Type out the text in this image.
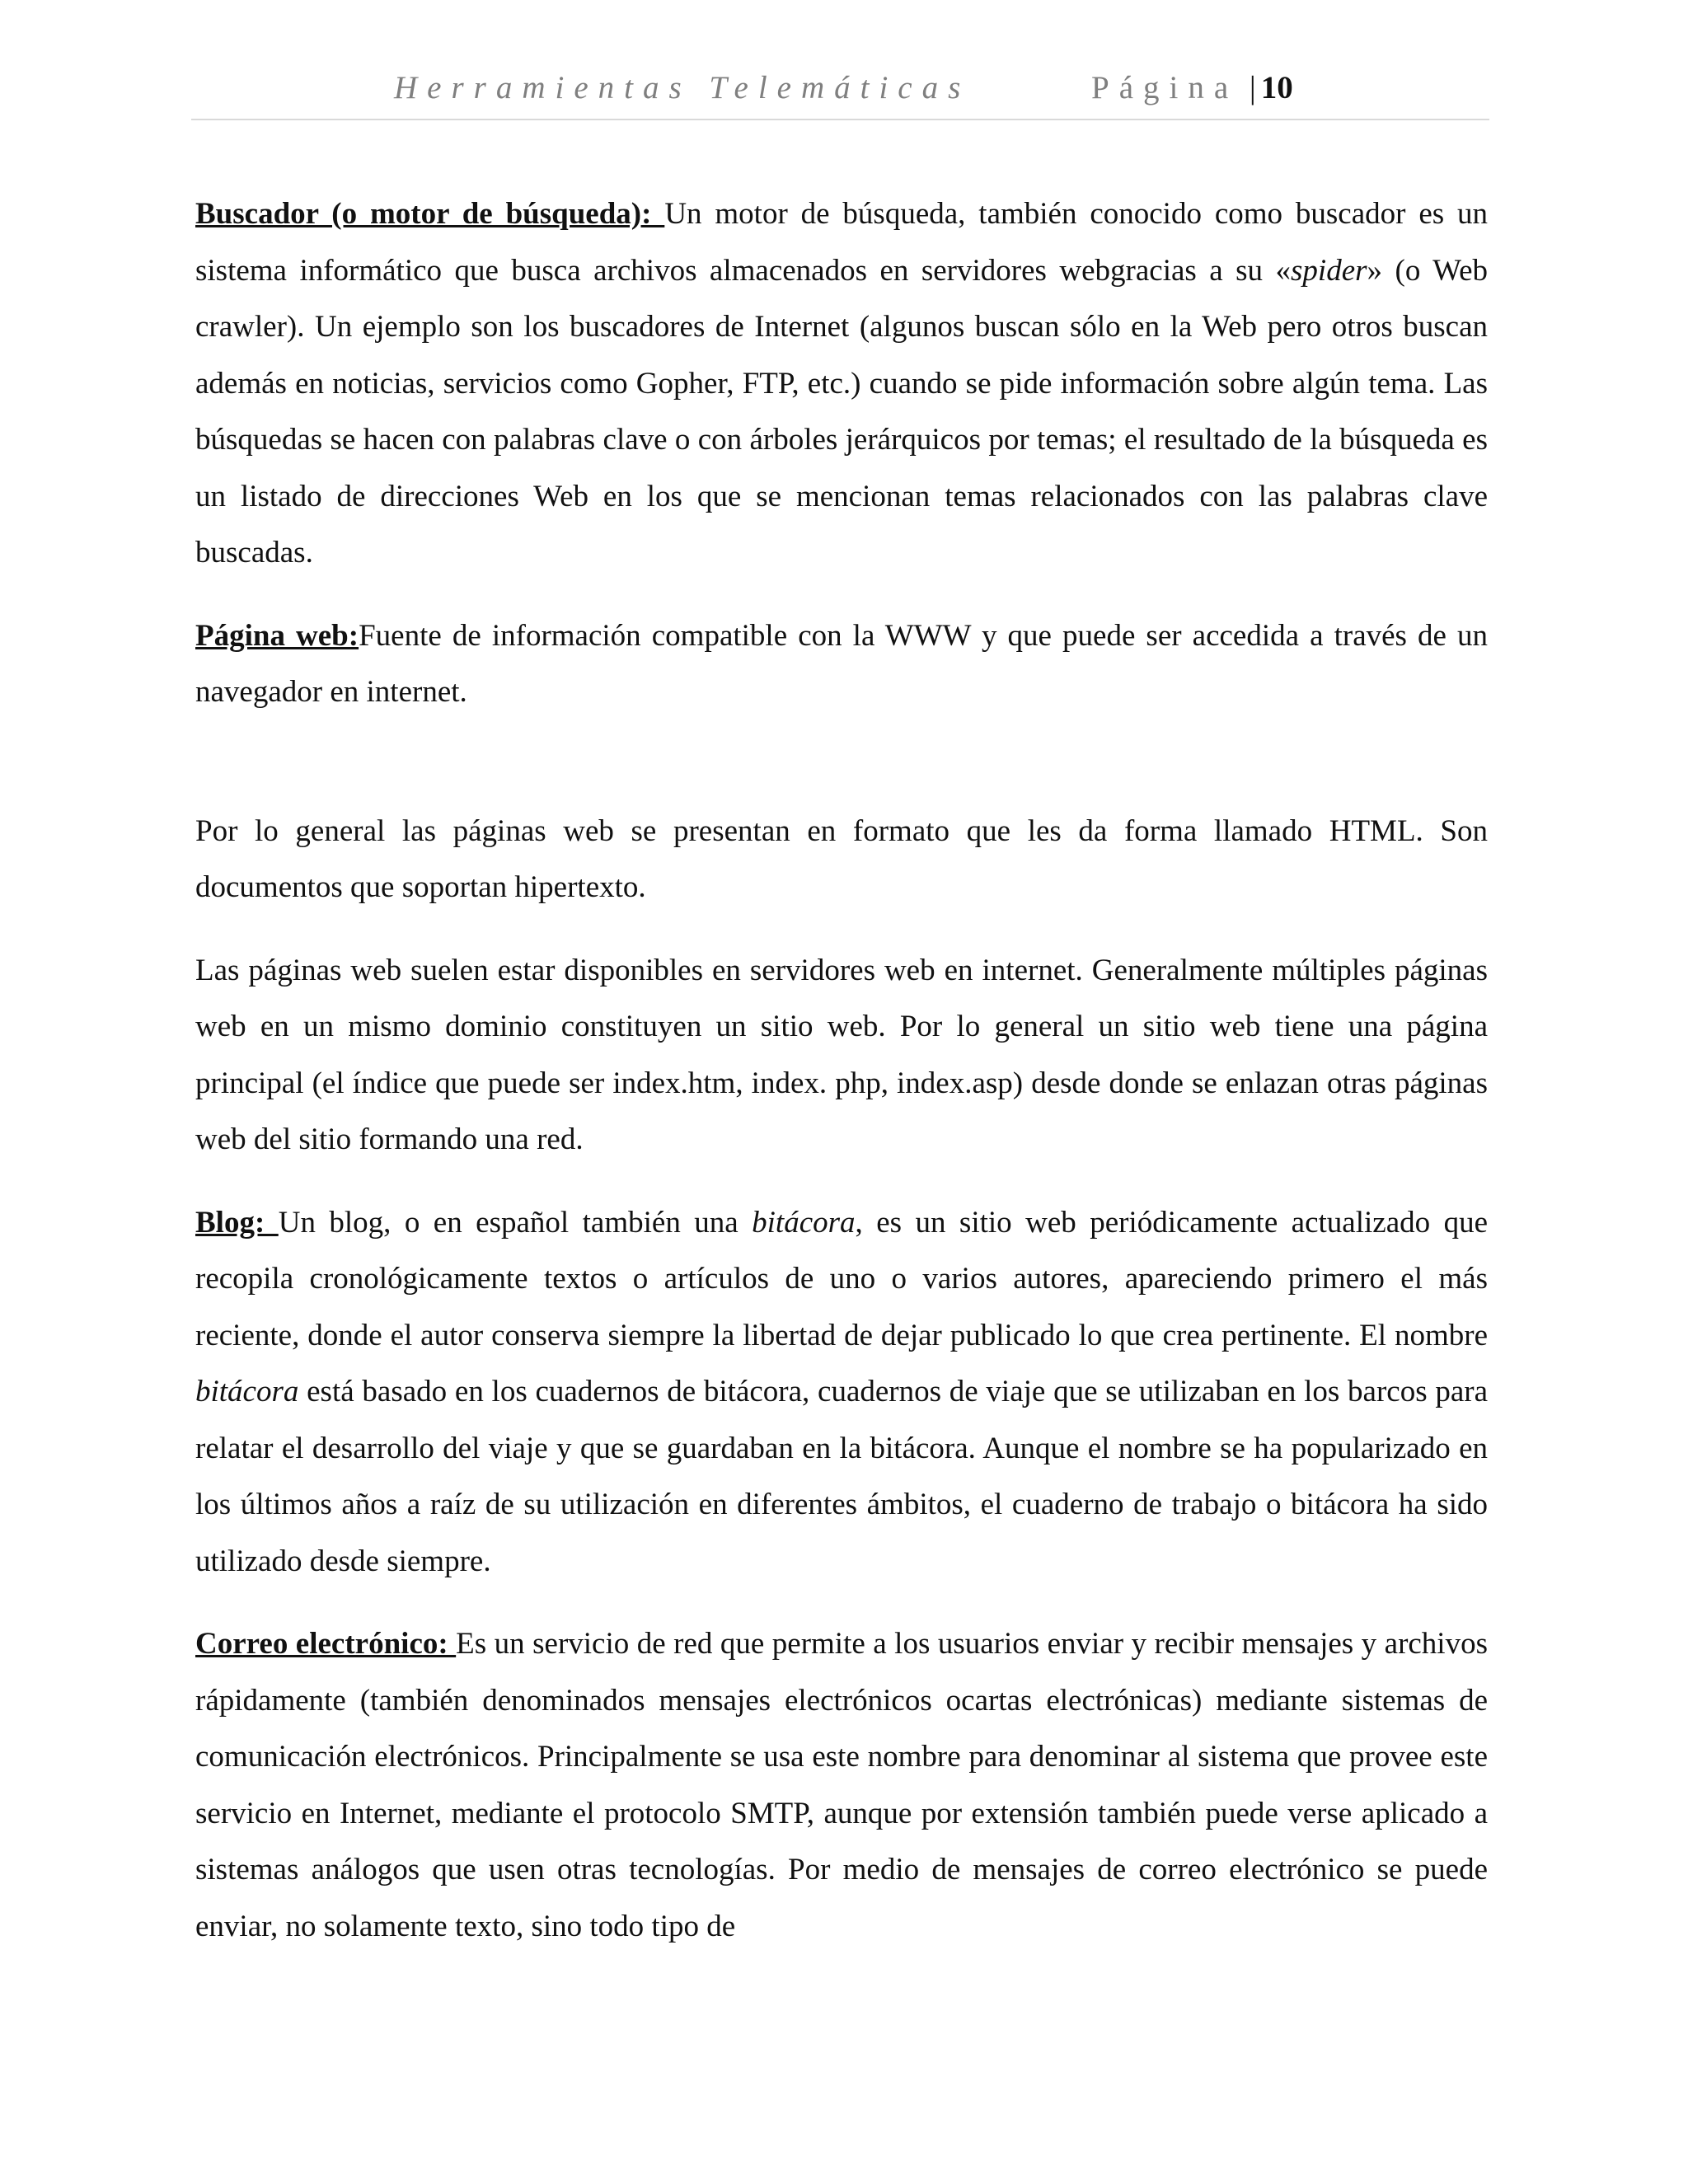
Herramientas Telemáticas	Página | 10

Buscador (o motor de búsqueda): Un motor de búsqueda, también conocido como buscador es un sistema informático que busca archivos almacenados en servidores webgracias a su «spider» (o Web crawler). Un ejemplo son los buscadores de Internet (algunos buscan sólo en la Web pero otros buscan además en noticias, servicios como Gopher, FTP, etc.) cuando se pide información sobre algún tema. Las búsquedas se hacen con palabras clave o con árboles jerárquicos por temas; el resultado de la búsqueda es un listado de direcciones Web en los que se mencionan temas relacionados con las palabras clave buscadas.

Página web:Fuente de información compatible con la WWW y que puede ser accedida a través de un navegador en internet.

Por lo general las páginas web se presentan en formato que les da forma llamado HTML. Son documentos que soportan hipertexto.

Las páginas web suelen estar disponibles en servidores web en internet. Generalmente múltiples páginas web en un mismo dominio constituyen un sitio web. Por lo general un sitio web tiene una página principal (el índice que puede ser index.htm, index. php, index.asp) desde donde se enlazan otras páginas web del sitio formando una red.

Blog: Un blog, o en español también una bitácora, es un sitio web periódicamente actualizado que recopila cronológicamente textos o artículos de uno o varios autores, apareciendo primero el más reciente, donde el autor conserva siempre la libertad de dejar publicado lo que crea pertinente. El nombre bitácora está basado en los cuadernos de bitácora, cuadernos de viaje que se utilizaban en los barcos para relatar el desarrollo del viaje y que se guardaban en la bitácora. Aunque el nombre se ha popularizado en los últimos años a raíz de su utilización en diferentes ámbitos, el cuaderno de trabajo o bitácora ha sido utilizado desde siempre.

Correo electrónico: Es un servicio de red que permite a los usuarios enviar y recibir mensajes y archivos rápidamente (también denominados mensajes electrónicos ocartas electrónicas) mediante sistemas de comunicación electrónicos. Principalmente se usa este nombre para denominar al sistema que provee este servicio en Internet, mediante el protocolo SMTP, aunque por extensión también puede verse aplicado a sistemas análogos que usen otras tecnologías. Por medio de mensajes de correo electrónico se puede enviar, no solamente texto, sino todo tipo de
